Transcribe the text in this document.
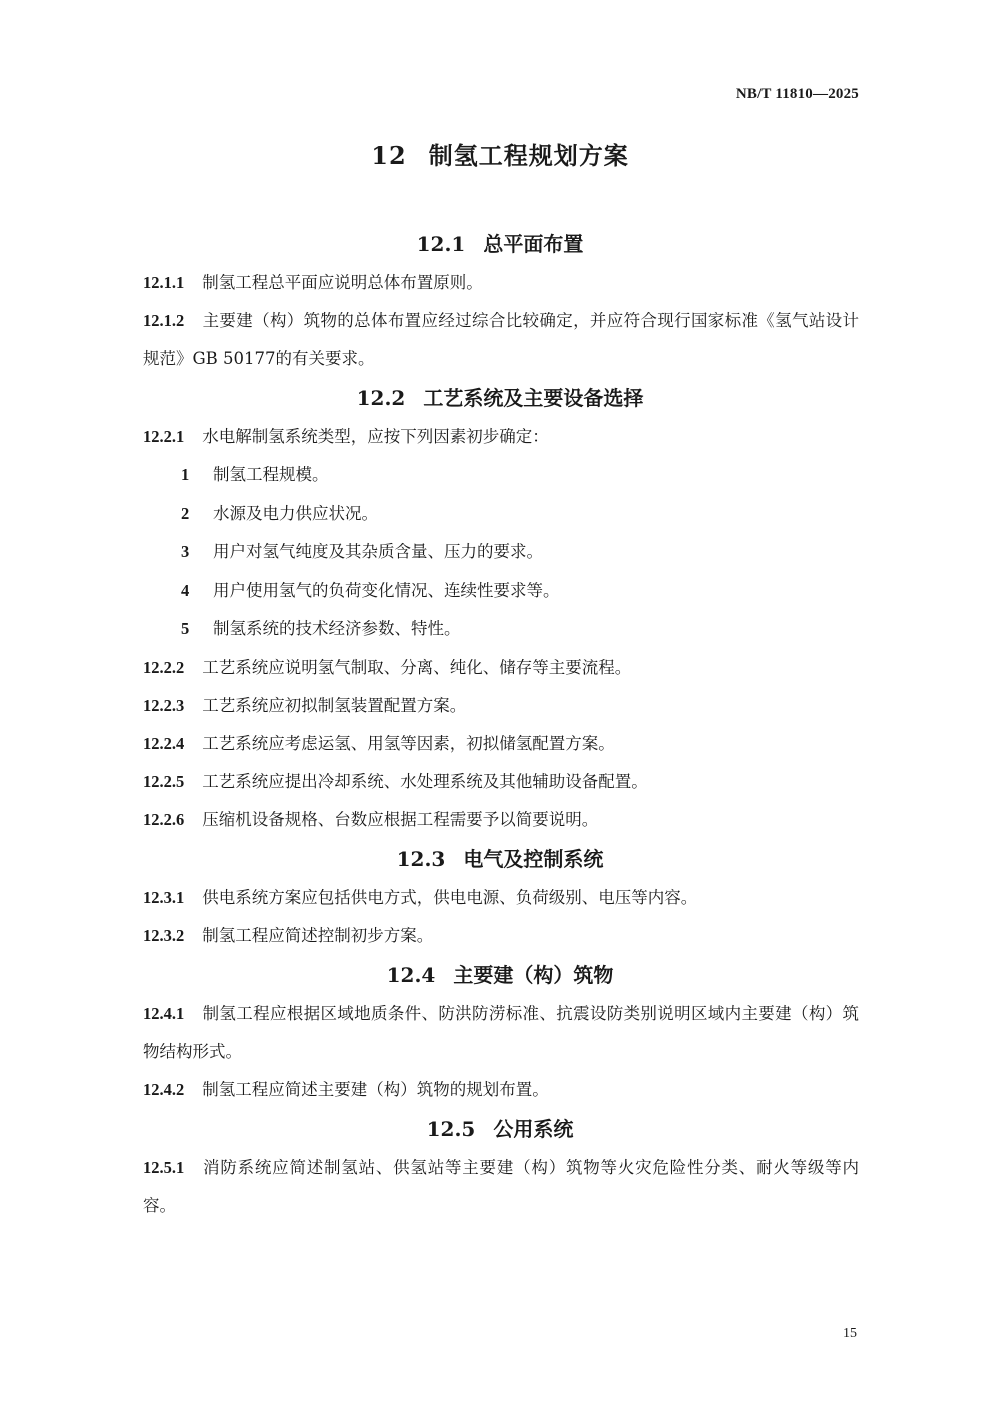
NB/T 11810—2025
12 制氢工程规划方案
12.1 总平面布置
12.1.1 制氢工程总平面应说明总体布置原则。
12.1.2 主要建（构）筑物的总体布置应经过综合比较确定，并应符合现行国家标准《氢气站设计规范》GB 50177的有关要求。
12.2 工艺系统及主要设备选择
12.2.1 水电解制氢系统类型，应按下列因素初步确定：
1 制氢工程规模。
2 水源及电力供应状况。
3 用户对氢气纯度及其杂质含量、压力的要求。
4 用户使用氢气的负荷变化情况、连续性要求等。
5 制氢系统的技术经济参数、特性。
12.2.2 工艺系统应说明氢气制取、分离、纯化、储存等主要流程。
12.2.3 工艺系统应初拟制氢装置配置方案。
12.2.4 工艺系统应考虑运氢、用氢等因素，初拟储氢配置方案。
12.2.5 工艺系统应提出冷却系统、水处理系统及其他辅助设备配置。
12.2.6 压缩机设备规格、台数应根据工程需要予以简要说明。
12.3 电气及控制系统
12.3.1 供电系统方案应包括供电方式，供电电源、负荷级别、电压等内容。
12.3.2 制氢工程应简述控制初步方案。
12.4 主要建（构）筑物
12.4.1 制氢工程应根据区域地质条件、防洪防涝标准、抗震设防类别说明区域内主要建（构）筑物结构形式。
12.4.2 制氢工程应简述主要建（构）筑物的规划布置。
12.5 公用系统
12.5.1 消防系统应简述制氢站、供氢站等主要建（构）筑物等火灾危险性分类、耐火等级等内容。
15
